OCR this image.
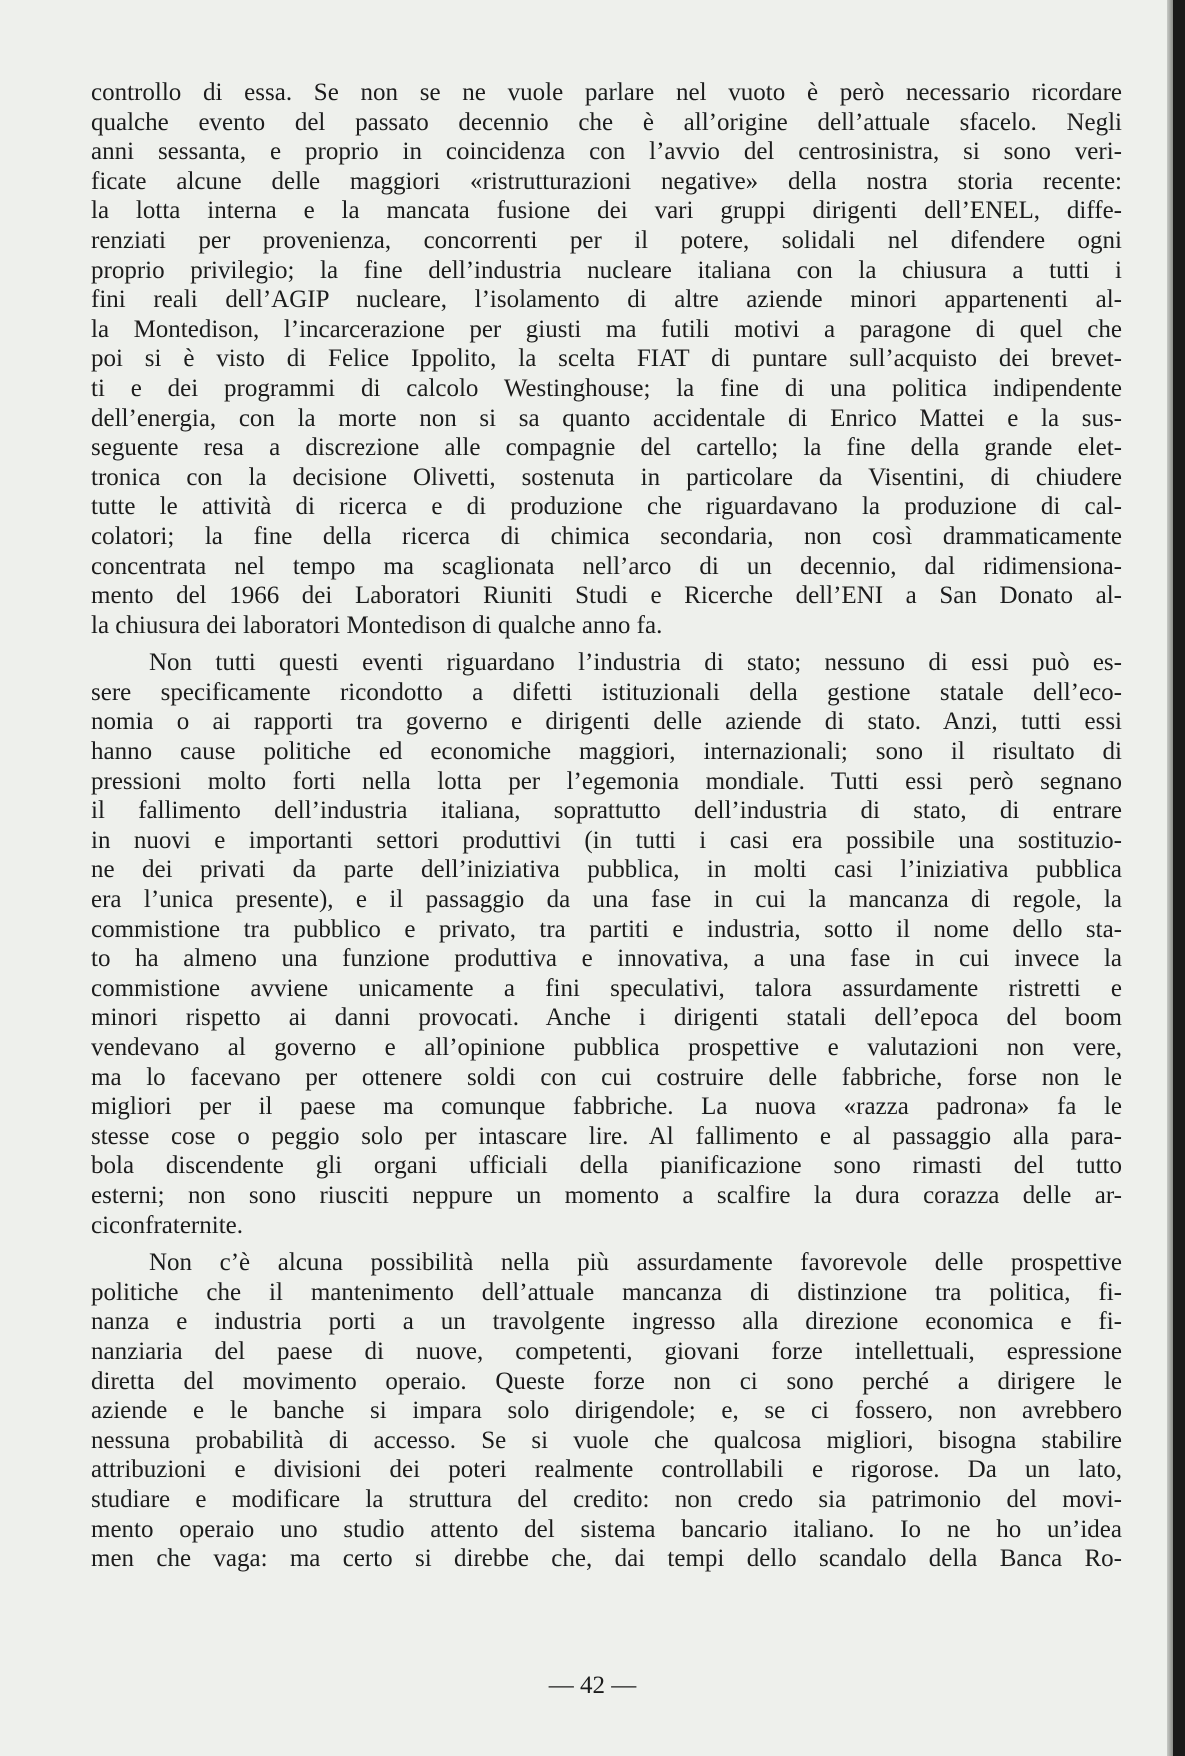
controllo di essa. Se non se ne vuole parlare nel vuoto è però necessario ricordare
qualche evento del passato decennio che è all’origine dell’attuale sfacelo. Negli
anni sessanta, e proprio in coincidenza con l’avvio del centrosinistra, si sono veri-
ficate alcune delle maggiori «ristrutturazioni negative» della nostra storia recente:
la lotta interna e la mancata fusione dei vari gruppi dirigenti dell’ENEL, diffe-
renziati per provenienza, concorrenti per il potere, solidali nel difendere ogni
proprio privilegio; la fine dell’industria nucleare italiana con la chiusura a tutti i
fini reali dell’AGIP nucleare, l’isolamento di altre aziende minori appartenenti al-
la Montedison, l’incarcerazione per giusti ma futili motivi a paragone di quel che
poi si è visto di Felice Ippolito, la scelta FIAT di puntare sull’acquisto dei brevet-
ti e dei programmi di calcolo Westinghouse; la fine di una politica indipendente
dell’energia, con la morte non si sa quanto accidentale di Enrico Mattei e la sus-
seguente resa a discrezione alle compagnie del cartello; la fine della grande elet-
tronica con la decisione Olivetti, sostenuta in particolare da Visentini, di chiudere
tutte le attività di ricerca e di produzione che riguardavano la produzione di cal-
colatori; la fine della ricerca di chimica secondaria, non così drammaticamente
concentrata nel tempo ma scaglionata nell’arco di un decennio, dal ridimensiona-
mento del 1966 dei Laboratori Riuniti Studi e Ricerche dell’ENI a San Donato al-
la chiusura dei laboratori Montedison di qualche anno fa.
Non tutti questi eventi riguardano l’industria di stato; nessuno di essi può es-
sere specificamente ricondotto a difetti istituzionali della gestione statale dell’eco-
nomia o ai rapporti tra governo e dirigenti delle aziende di stato. Anzi, tutti essi
hanno cause politiche ed economiche maggiori, internazionali; sono il risultato di
pressioni molto forti nella lotta per l’egemonia mondiale. Tutti essi però segnano
il fallimento dell’industria italiana, soprattutto dell’industria di stato, di entrare
in nuovi e importanti settori produttivi (in tutti i casi era possibile una sostituzio-
ne dei privati da parte dell’iniziativa pubblica, in molti casi l’iniziativa pubblica
era l’unica presente), e il passaggio da una fase in cui la mancanza di regole, la
commistione tra pubblico e privato, tra partiti e industria, sotto il nome dello sta-
to ha almeno una funzione produttiva e innovativa, a una fase in cui invece la
commistione avviene unicamente a fini speculativi, talora assurdamente ristretti e
minori rispetto ai danni provocati. Anche i dirigenti statali dell’epoca del boom
vendevano al governo e all’opinione pubblica prospettive e valutazioni non vere,
ma lo facevano per ottenere soldi con cui costruire delle fabbriche, forse non le
migliori per il paese ma comunque fabbriche. La nuova «razza padrona» fa le
stesse cose o peggio solo per intascare lire. Al fallimento e al passaggio alla para-
bola discendente gli organi ufficiali della pianificazione sono rimasti del tutto
esterni; non sono riusciti neppure un momento a scalfire la dura corazza delle ar-
ciconfraternite.
Non c’è alcuna possibilità nella più assurdamente favorevole delle prospettive
politiche che il mantenimento dell’attuale mancanza di distinzione tra politica, fi-
nanza e industria porti a un travolgente ingresso alla direzione economica e fi-
nanziaria del paese di nuove, competenti, giovani forze intellettuali, espressione
diretta del movimento operaio. Queste forze non ci sono perché a dirigere le
aziende e le banche si impara solo dirigendole; e, se ci fossero, non avrebbero
nessuna probabilità di accesso. Se si vuole che qualcosa migliori, bisogna stabilire
attribuzioni e divisioni dei poteri realmente controllabili e rigorose. Da un lato,
studiare e modificare la struttura del credito: non credo sia patrimonio del movi-
mento operaio uno studio attento del sistema bancario italiano. Io ne ho un’idea
men che vaga: ma certo si direbbe che, dai tempi dello scandalo della Banca Ro-
— 42 —
